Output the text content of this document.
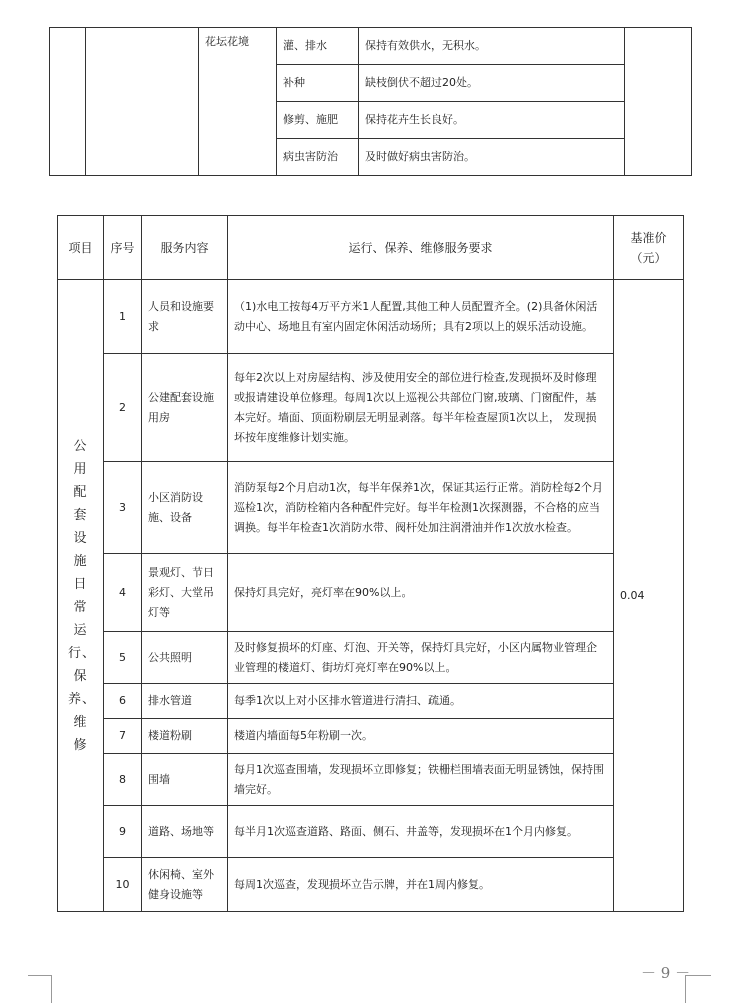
		花坛花境	灌、排水	保持有效供水，无积水。	
			补种	缺枝倒伏不超过20处。	
			修剪、施肥	保持花卉生长良好。	
			病虫害防治	及时做好病虫害防治。	
项目	序号	服务内容	运行、保养、维修服务要求	基准价（元）
公用配套设施日常运行、保养、维修	1	人员和设施要求	（1)水电工按每4万平方米1人配置,其他工种人员配置齐全。(2)具备休闲活动中心、场地且有室内固定休闲活动场所；具有2项以上的娱乐活动设施。	0.04
	2	公建配套设施用房	每年2次以上对房屋结构、涉及使用安全的部位进行检查,发现损坏及时修理或报请建设单位修理。每周1次以上巡视公共部位门窗,玻璃、门窗配件，基本完好。墙面、顶面粉刷层无明显剥落。每半年检查屋顶1次以上， 发现损坏按年度维修计划实施。	
	3	小区消防设施、设备	消防泵每2个月启动1次，每半年保养1次，保证其运行正常。消防栓每2个月巡检1次，消防栓箱内各种配件完好。每半年检测1次探测器，不合格的应当调换。每半年检查1次消防水带、阀杆处加注润滑油并作1次放水检查。	
	4	景观灯、节日彩灯、大堂吊灯等	保持灯具完好，亮灯率在90%以上。	
	5	公共照明	及时修复损坏的灯座、灯泡、开关等，保持灯具完好，小区内属物业管理企业管理的楼道灯、街坊灯亮灯率在90%以上。	
	6	排水管道	每季1次以上对小区排水管道进行清扫、疏通。	
	7	楼道粉刷	楼道内墙面每5年粉刷一次。	
	8	围墙	每月1次巡查围墙，发现损坏立即修复；铁栅栏围墙表面无明显锈蚀，保持围墙完好。	
	9	道路、场地等	每半月1次巡查道路、路面、侧石、井盖等，发现损坏在1个月内修复。	
	10	休闲椅、室外健身设施等	每周1次巡查，发现损坏立告示牌，并在1周内修复。	
－ 9 －
